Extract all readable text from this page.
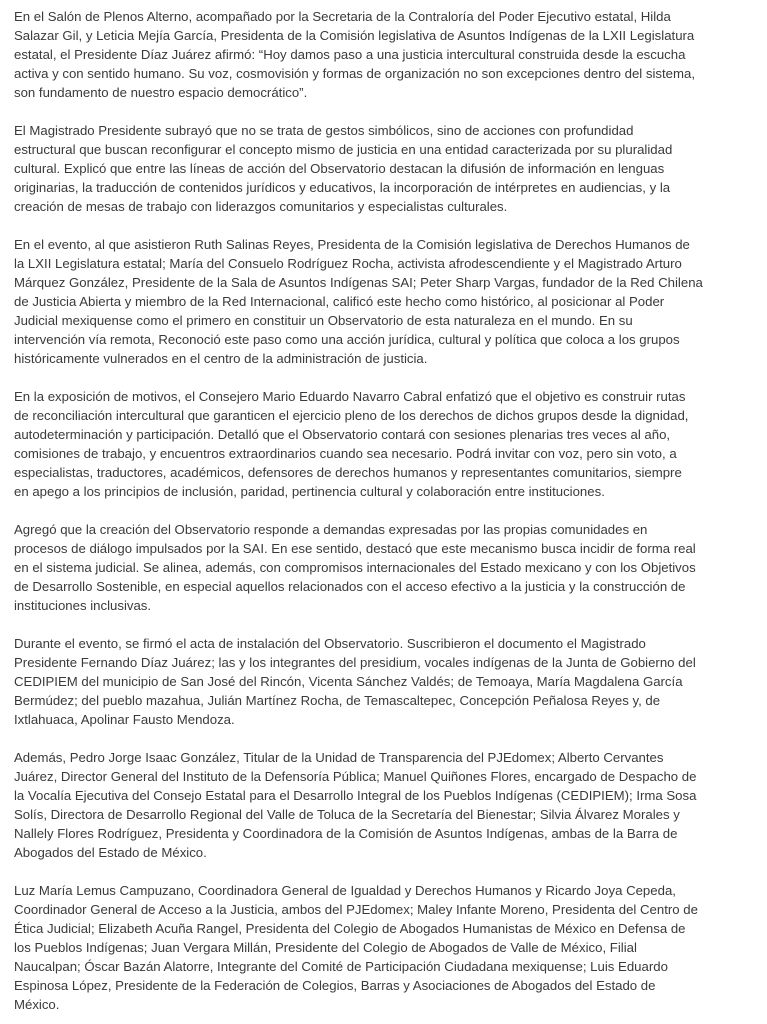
En el Salón de Plenos Alterno, acompañado por la Secretaria de la Contraloría del Poder Ejecutivo estatal, Hilda
Salazar Gil, y Leticia Mejía García, Presidenta de la Comisión legislativa de Asuntos Indígenas de la LXII Legislatura
estatal, el Presidente Díaz Juárez afirmó: “Hoy damos paso a una justicia intercultural construida desde la escucha
activa y con sentido humano. Su voz, cosmovisión y formas de organización no son excepciones dentro del sistema,
son fundamento de nuestro espacio democrático”.

El Magistrado Presidente subrayó que no se trata de gestos simbólicos, sino de acciones con profundidad
estructural que buscan reconfigurar el concepto mismo de justicia en una entidad caracterizada por su pluralidad
cultural. Explicó que entre las líneas de acción del Observatorio destacan la difusión de información en lenguas
originarias, la traducción de contenidos jurídicos y educativos, la incorporación de intérpretes en audiencias, y la
creación de mesas de trabajo con liderazgos comunitarios y especialistas culturales.

En el evento, al que asistieron Ruth Salinas Reyes, Presidenta de la Comisión legislativa de Derechos Humanos de
la LXII Legislatura estatal; María del Consuelo Rodríguez Rocha, activista afrodescendiente y el Magistrado Arturo
Márquez González, Presidente de la Sala de Asuntos Indígenas SAI; Peter Sharp Vargas, fundador de la Red Chilena
de Justicia Abierta y miembro de la Red Internacional, calificó este hecho como histórico, al posicionar al Poder
Judicial mexiquense como el primero en constituir un Observatorio de esta naturaleza en el mundo. En su
intervención vía remota, Reconoció este paso como una acción jurídica, cultural y política que coloca a los grupos
históricamente vulnerados en el centro de la administración de justicia.

En la exposición de motivos, el Consejero Mario Eduardo Navarro Cabral enfatizó que el objetivo es construir rutas
de reconciliación intercultural que garanticen el ejercicio pleno de los derechos de dichos grupos desde la dignidad,
autodeterminación y participación. Detalló que el Observatorio contará con sesiones plenarias tres veces al año,
comisiones de trabajo, y encuentros extraordinarios cuando sea necesario. Podrá invitar con voz, pero sin voto, a
especialistas, traductores, académicos, defensores de derechos humanos y representantes comunitarios, siempre
en apego a los principios de inclusión, paridad, pertinencia cultural y colaboración entre instituciones.

Agregó que la creación del Observatorio responde a demandas expresadas por las propias comunidades en
procesos de diálogo impulsados por la SAI. En ese sentido, destacó que este mecanismo busca incidir de forma real
en el sistema judicial. Se alinea, además, con compromisos internacionales del Estado mexicano y con los Objetivos
de Desarrollo Sostenible, en especial aquellos relacionados con el acceso efectivo a la justicia y la construcción de
instituciones inclusivas.

Durante el evento, se firmó el acta de instalación del Observatorio. Suscribieron el documento el Magistrado
Presidente Fernando Díaz Juárez; las y los integrantes del presidium, vocales indígenas de la Junta de Gobierno del
CEDIPIEM del municipio de San José del Rincón, Vicenta Sánchez Valdés; de Temoaya, María Magdalena García
Bermúdez; del pueblo mazahua, Julián Martínez Rocha, de Temascaltepec, Concepción Peñalosa Reyes y, de
Ixtlahuaca, Apolinar Fausto Mendoza.

Además, Pedro Jorge Isaac González, Titular de la Unidad de Transparencia del PJEdomex; Alberto Cervantes
Juárez, Director General del Instituto de la Defensoría Pública; Manuel Quiñones Flores, encargado de Despacho de
la Vocalía Ejecutiva del Consejo Estatal para el Desarrollo Integral de los Pueblos Indígenas (CEDIPIEM); Irma Sosa
Solís, Directora de Desarrollo Regional del Valle de Toluca de la Secretaría del Bienestar; Silvia Álvarez Morales y
Nallely Flores Rodríguez, Presidenta y Coordinadora de la Comisión de Asuntos Indígenas, ambas de la Barra de
Abogados del Estado de México.

Luz María Lemus Campuzano, Coordinadora General de Igualdad y Derechos Humanos y Ricardo Joya Cepeda,
Coordinador General de Acceso a la Justicia, ambos del PJEdomex; Maley Infante Moreno, Presidenta del Centro de
Ética Judicial; Elizabeth Acuña Rangel, Presidenta del Colegio de Abogados Humanistas de México en Defensa de
los Pueblos Indígenas; Juan Vergara Millán, Presidente del Colegio de Abogados de Valle de México, Filial
Naucalpan; Óscar Bazán Alatorre, Integrante del Comité de Participación Ciudadana mexiquense; Luis Eduardo
Espinosa López, Presidente de la Federación de Colegios, Barras y Asociaciones de Abogados del Estado de
México.
